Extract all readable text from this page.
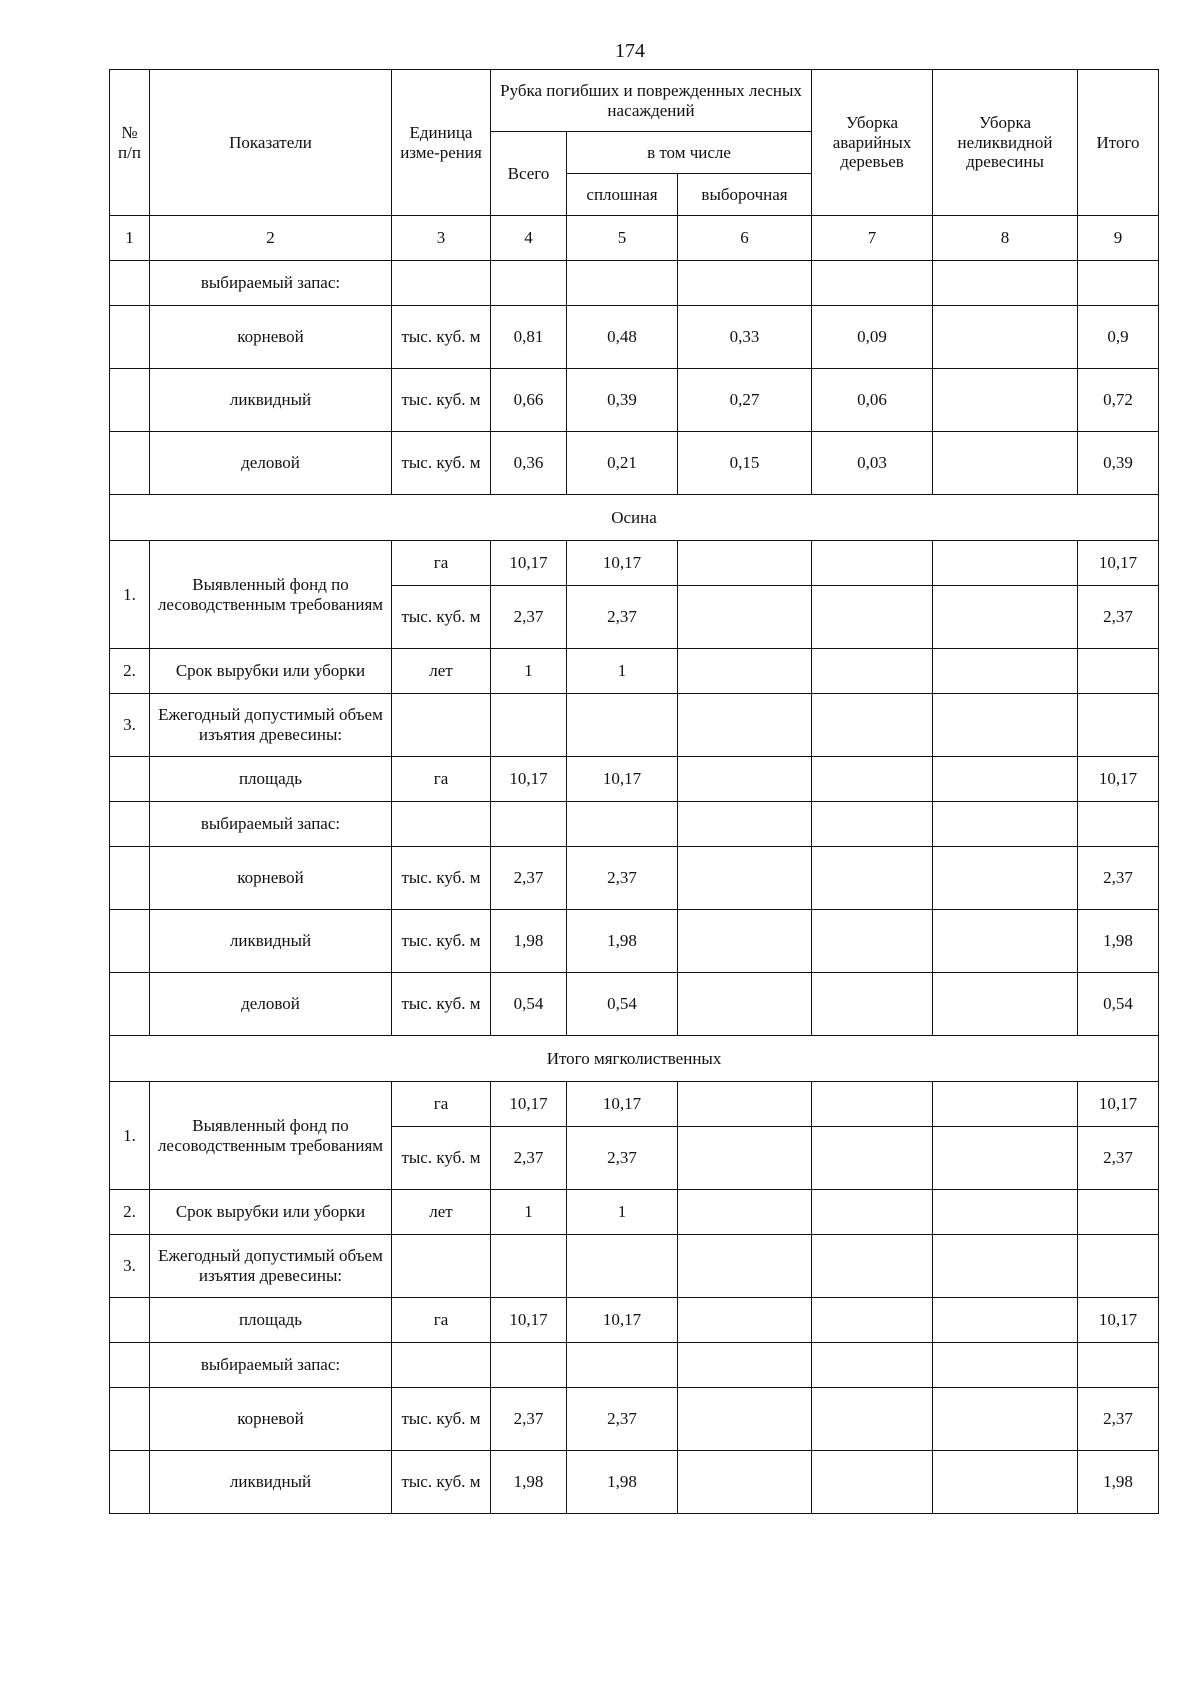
174
№ п/п	Показатели	Единица изме-рения	Рубка погибших и поврежденных лесных насаждений			Уборка аварийных деревьев	Уборка неликвидной древесины	Итого
			Всего	в том числе				
				сплошная	выборочная			
1	2	3	4	5	6	7	8	9
	выбираемый запас:							
	корневой	тыс. куб. м	0,81	0,48	0,33	0,09		0,9
	ликвидный	тыс. куб. м	0,66	0,39	0,27	0,06		0,72
	деловой	тыс. куб. м	0,36	0,21	0,15	0,03		0,39
Осина								
1.	Выявленный фонд по лесоводственным требованиям	га	10,17	10,17				10,17
		тыс. куб. м	2,37	2,37				2,37
2.	Срок вырубки или уборки	лет	1	1				
3.	Ежегодный допустимый объем изъятия древесины:							
	площадь	га	10,17	10,17				10,17
	выбираемый запас:							
	корневой	тыс. куб. м	2,37	2,37				2,37
	ликвидный	тыс. куб. м	1,98	1,98				1,98
	деловой	тыс. куб. м	0,54	0,54				0,54
Итого мягколиственных								
1.	Выявленный фонд по лесоводственным требованиям	га	10,17	10,17				10,17
		тыс. куб. м	2,37	2,37				2,37
2.	Срок вырубки или уборки	лет	1	1				
3.	Ежегодный допустимый объем изъятия древесины:							
	площадь	га	10,17	10,17				10,17
	выбираемый запас:							
	корневой	тыс. куб. м	2,37	2,37				2,37
	ликвидный	тыс. куб. м	1,98	1,98				1,98
